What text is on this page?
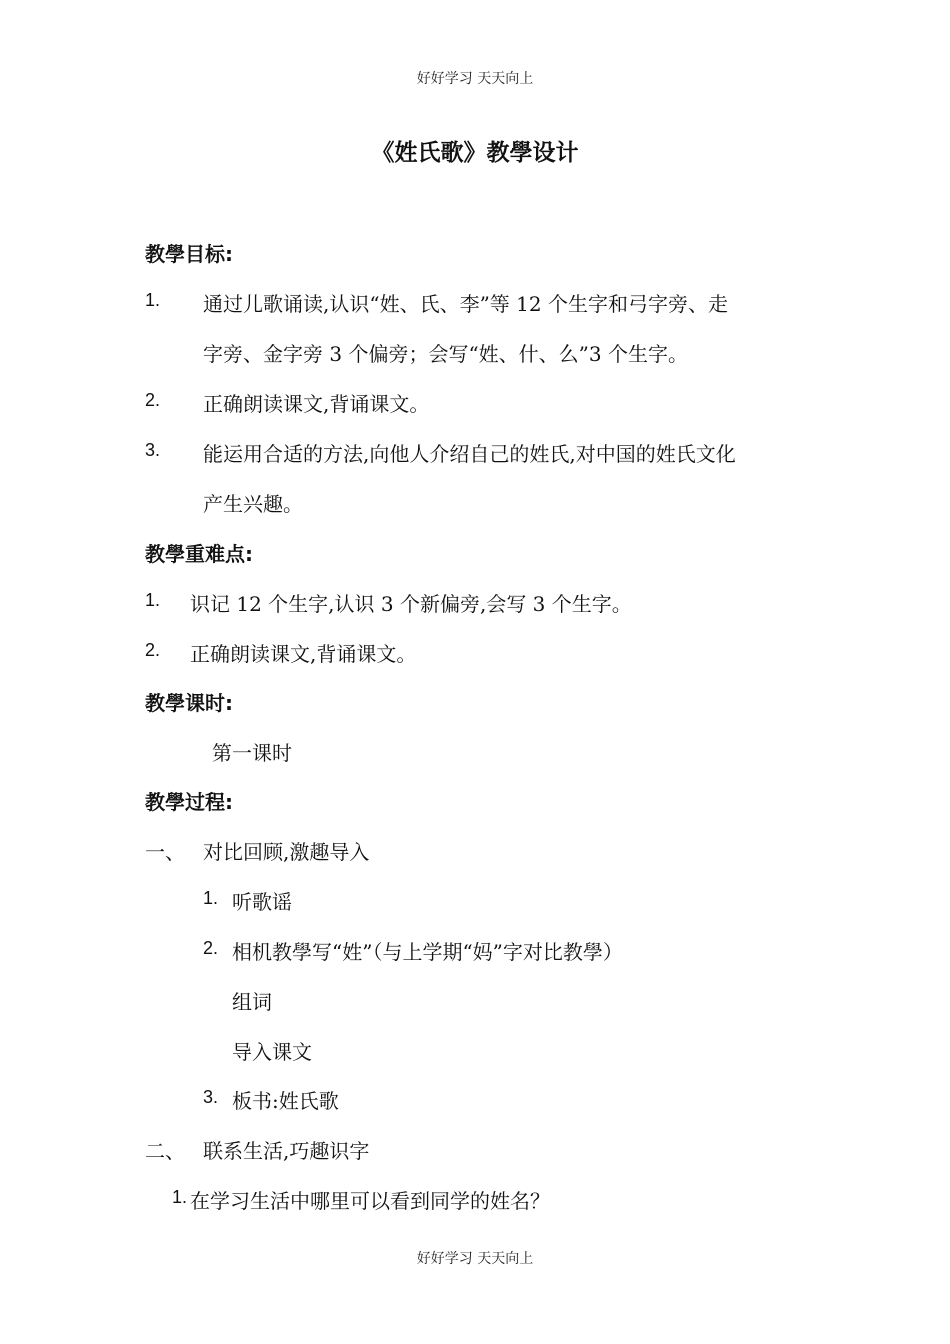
好好学习 天天向上
《姓氏歌》教學设计
教學目标:
1. 通过儿歌诵读,认识“姓、氏、李”等 12 个生字和弓字旁、走
字旁、金字旁 3 个偏旁；会写“姓、什、么”3 个生字。
2. 正确朗读课文,背诵课文。
3. 能运用合适的方法,向他人介绍自己的姓氏,对中国的姓氏文化
产生兴趣。
教學重难点:
1. 识记 12 个生字,认识 3 个新偏旁,会写 3 个生字。
2. 正确朗读课文,背诵课文。
教學课时:
第一课时
教學过程:
一、 对比回顾,激趣导入
1. 听歌谣
2. 相机教學写“姓”（与上学期“妈”字对比教學）
组词
导入课文
3. 板书:姓氏歌
二、 联系生活,巧趣识字
1. 在学习生活中哪里可以看到同学的姓名？
好好学习 天天向上
